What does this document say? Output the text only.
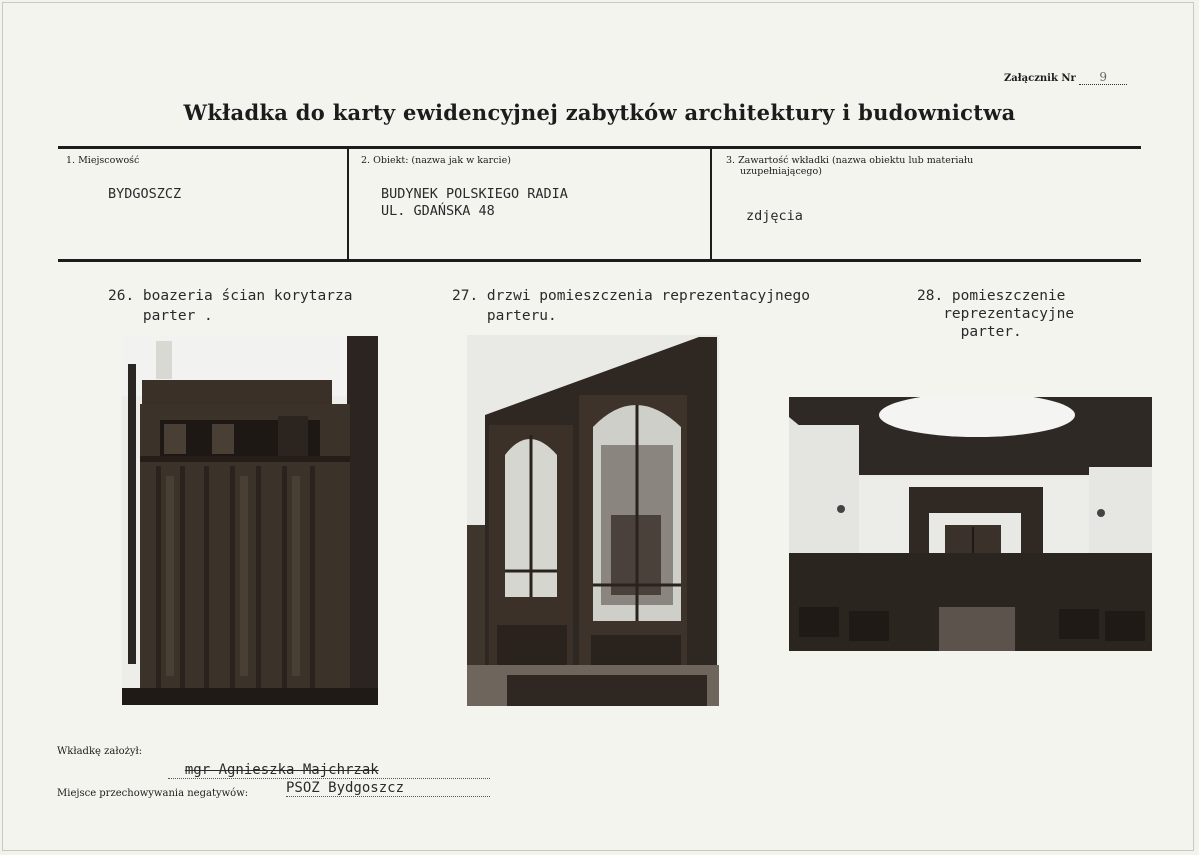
Załącznik Nr 9
Wkładka do karty ewidencyjnej zabytków architektury i budownictwa
1. Miejscowość
BYDGOSZCZ
2. Obiekt: (nazwa jak w karcie)
BUDYNEK POLSKIEGO RADIA
UL. GDAŃSKA 48
3. Zawartość wkładki (nazwa obiektu lub materiału
uzupełniającego)
zdjęcia
26. boazeria ścian korytarza
parter .
27. drzwi pomieszczenia reprezentacyjnego
parteru.
28. pomieszczenie
reprezentacyjne
parter.
Wkładkę założył:

mgr Agnieszka Majchrzak

Miejsce przechowywania negatywów:	PSOZ Bydgoszcz
